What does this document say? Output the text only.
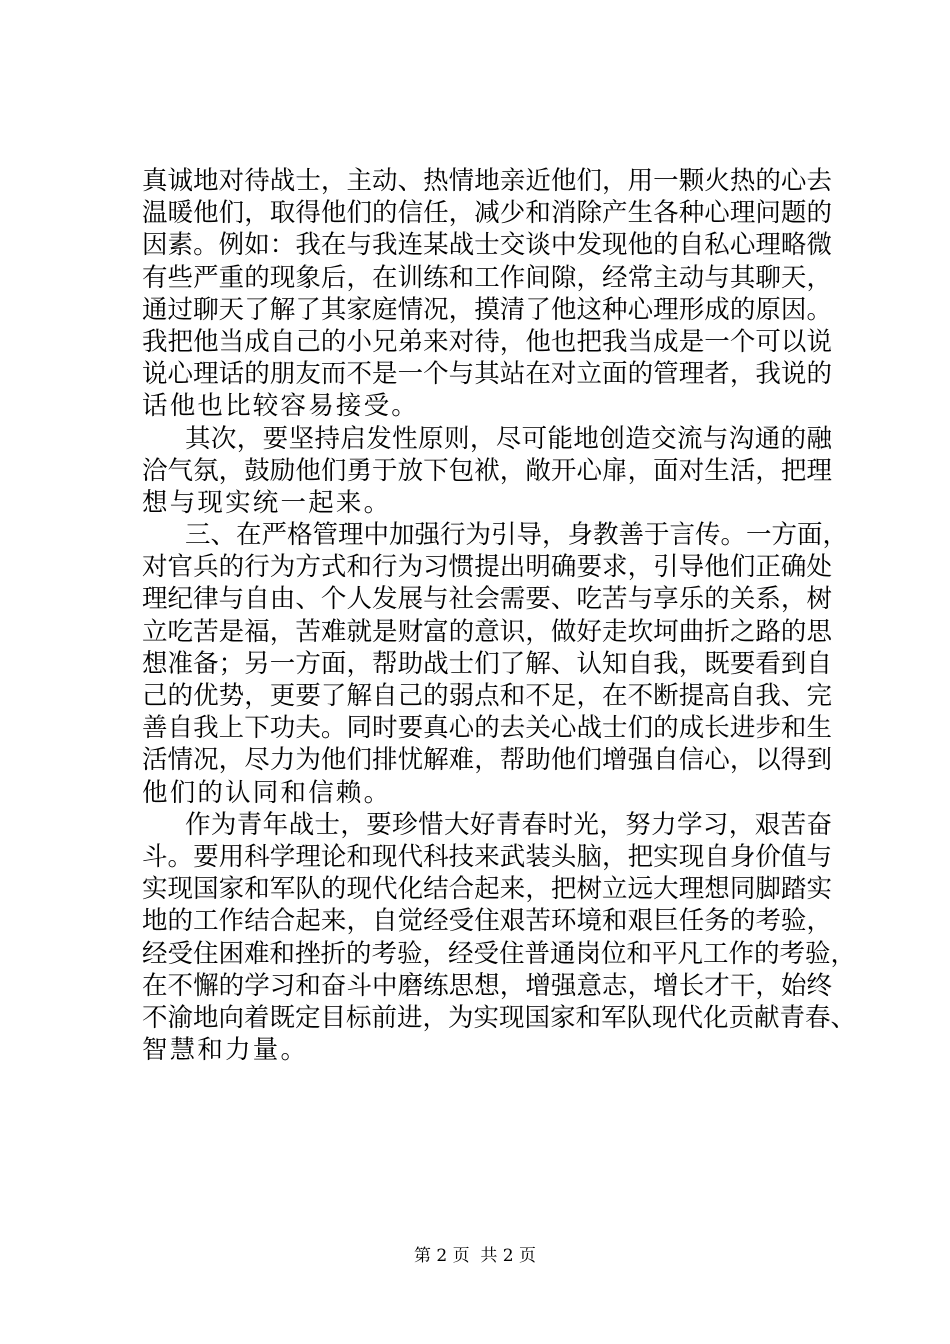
真诚地对待战士，主动、热情地亲近他们，用一颗火热的心去
温暖他们，取得他们的信任，减少和消除产生各种心理问题的
因素。例如：我在与我连某战士交谈中发现他的自私心理略微
有些严重的现象后，在训练和工作间隙，经常主动与其聊天，
通过聊天了解了其家庭情况，摸清了他这种心理形成的原因。
我把他当成自己的小兄弟来对待，他也把我当成是一个可以说
说心理话的朋友而不是一个与其站在对立面的管理者，我说的
话他也比较容易接受。
其次，要坚持启发性原则，尽可能地创造交流与沟通的融
洽气氛，鼓励他们勇于放下包袱，敞开心扉，面对生活，把理
想与现实统一起来。
三、在严格管理中加强行为引导，身教善于言传。一方面，
对官兵的行为方式和行为习惯提出明确要求，引导他们正确处
理纪律与自由、个人发展与社会需要、吃苦与享乐的关系，树
立吃苦是福，苦难就是财富的意识，做好走坎坷曲折之路的思
想准备；另一方面，帮助战士们了解、认知自我，既要看到自
己的优势，更要了解自己的弱点和不足，在不断提高自我、完
善自我上下功夫。同时要真心的去关心战士们的成长进步和生
活情况，尽力为他们排忧解难，帮助他们增强自信心，以得到
他们的认同和信赖。
作为青年战士，要珍惜大好青春时光，努力学习，艰苦奋
斗。要用科学理论和现代科技来武装头脑，把实现自身价值与
实现国家和军队的现代化结合起来，把树立远大理想同脚踏实
地的工作结合起来，自觉经受住艰苦环境和艰巨任务的考验，
经受住困难和挫折的考验，经受住普通岗位和平凡工作的考验，
在不懈的学习和奋斗中磨练思想，增强意志，增长才干，始终
不渝地向着既定目标前进，为实现国家和军队现代化贡献青春、
智慧和力量。
第 2 页  共 2 页
